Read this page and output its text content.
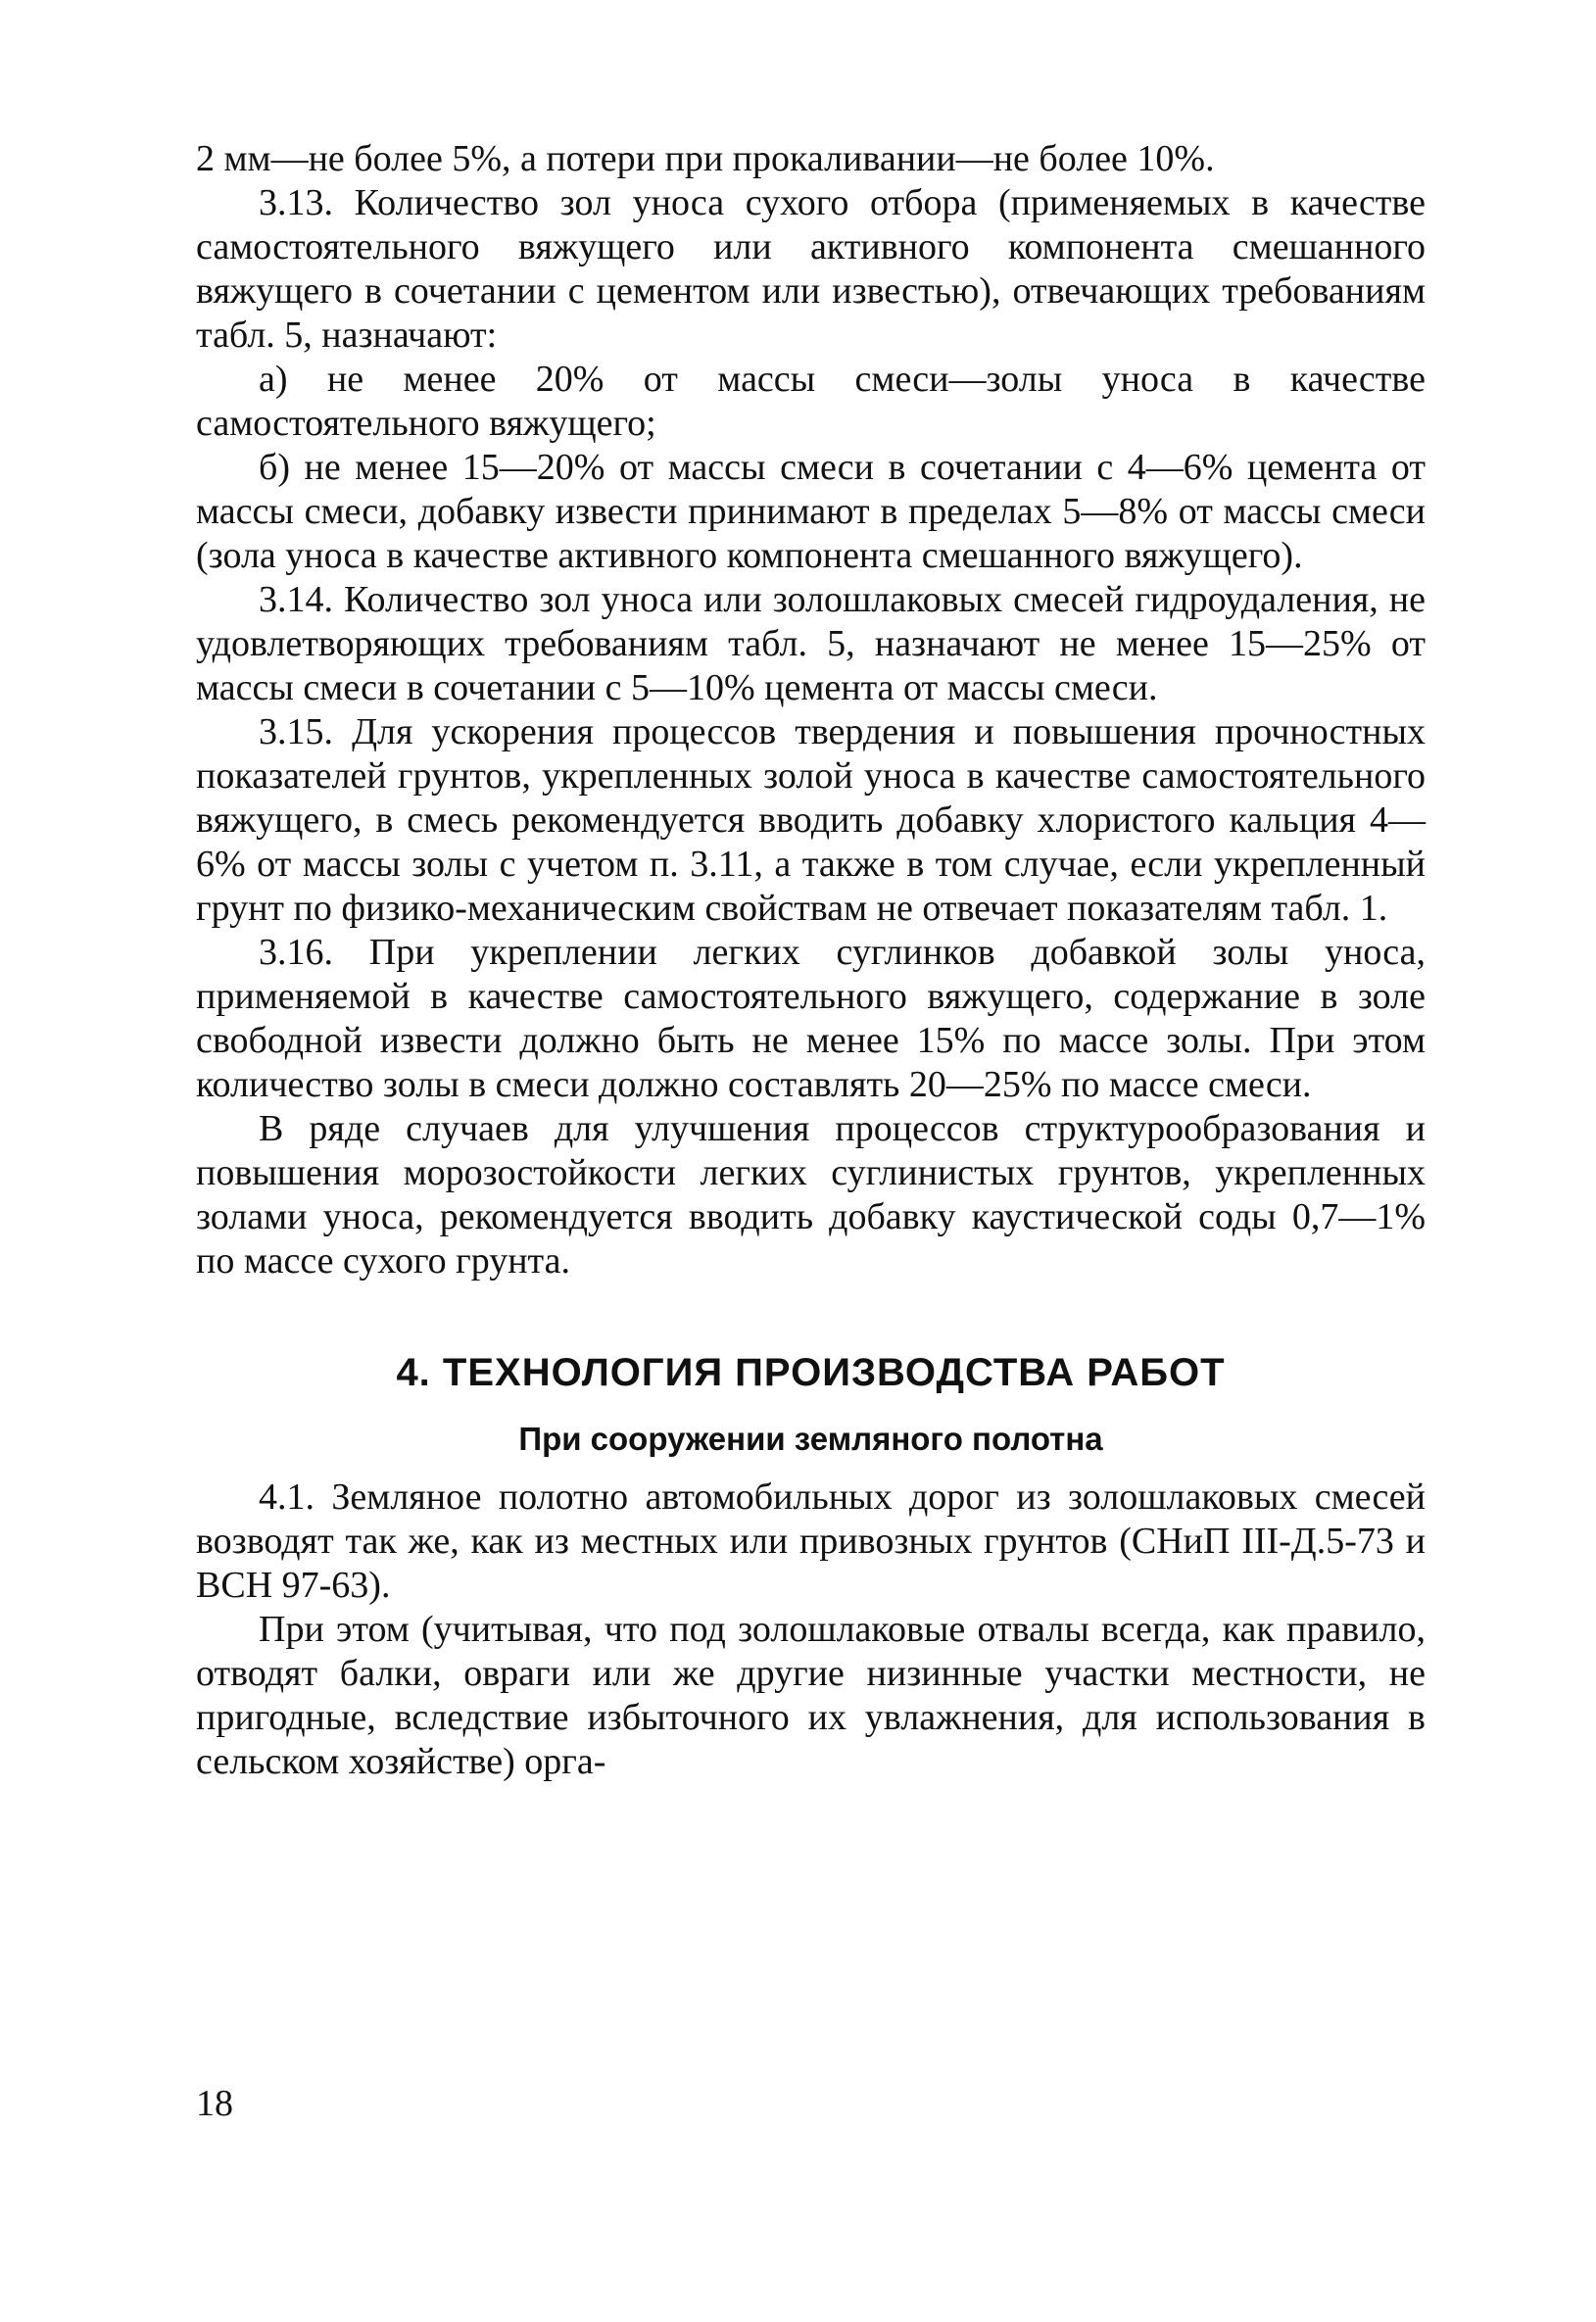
2 мм—не более 5%, а потери при прокаливании—не более 10%.

3.13. Количество зол уноса сухого отбора (применяемых в качестве самостоятельного вяжущего или активного компонента смешанного вяжущего в сочетании с цементом или известью), отвечающих требованиям табл. 5, назначают:

а) не менее 20% от массы смеси—золы уноса в качестве самостоятельного вяжущего;

б) не менее 15—20% от массы смеси в сочетании с 4—6% цемента от массы смеси, добавку извести принимают в пределах 5—8% от массы смеси (зола уноса в качестве активного компонента смешанного вяжущего).

3.14. Количество зол уноса или золошлаковых смесей гидроудаления, не удовлетворяющих требованиям табл. 5, назначают не менее 15—25% от массы смеси в сочетании с 5—10% цемента от массы смеси.

3.15. Для ускорения процессов твердения и повышения прочностных показателей грунтов, укрепленных золой уноса в качестве самостоятельного вяжущего, в смесь рекомендуется вводить добавку хлористого кальция 4—6% от массы золы с учетом п. 3.11, а также в том случае, если укрепленный грунт по физико-механическим свойствам не отвечает показателям табл. 1.

3.16. При укреплении легких суглинков добавкой золы уноса, применяемой в качестве самостоятельного вяжущего, содержание в золе свободной извести должно быть не менее 15% по массе золы. При этом количество золы в смеси должно составлять 20—25% по массе смеси.

В ряде случаев для улучшения процессов структурообразования и повышения морозостойкости легких суглинистых грунтов, укрепленных золами уноса, рекомендуется вводить добавку каустической соды 0,7—1% по массе сухого грунта.

4. ТЕХНОЛОГИЯ ПРОИЗВОДСТВА РАБОТ
При сооружении земляного полотна

4.1. Земляное полотно автомобильных дорог из золошлаковых смесей возводят так же, как из местных или привозных грунтов (СНиП III-Д.5-73 и ВСН 97-63).

При этом (учитывая, что под золошлаковые отвалы всегда, как правило, отводят балки, овраги или же другие низинные участки местности, не пригодные, вследствие избыточного их увлажнения, для использования в сельском хозяйстве) орга-

18
